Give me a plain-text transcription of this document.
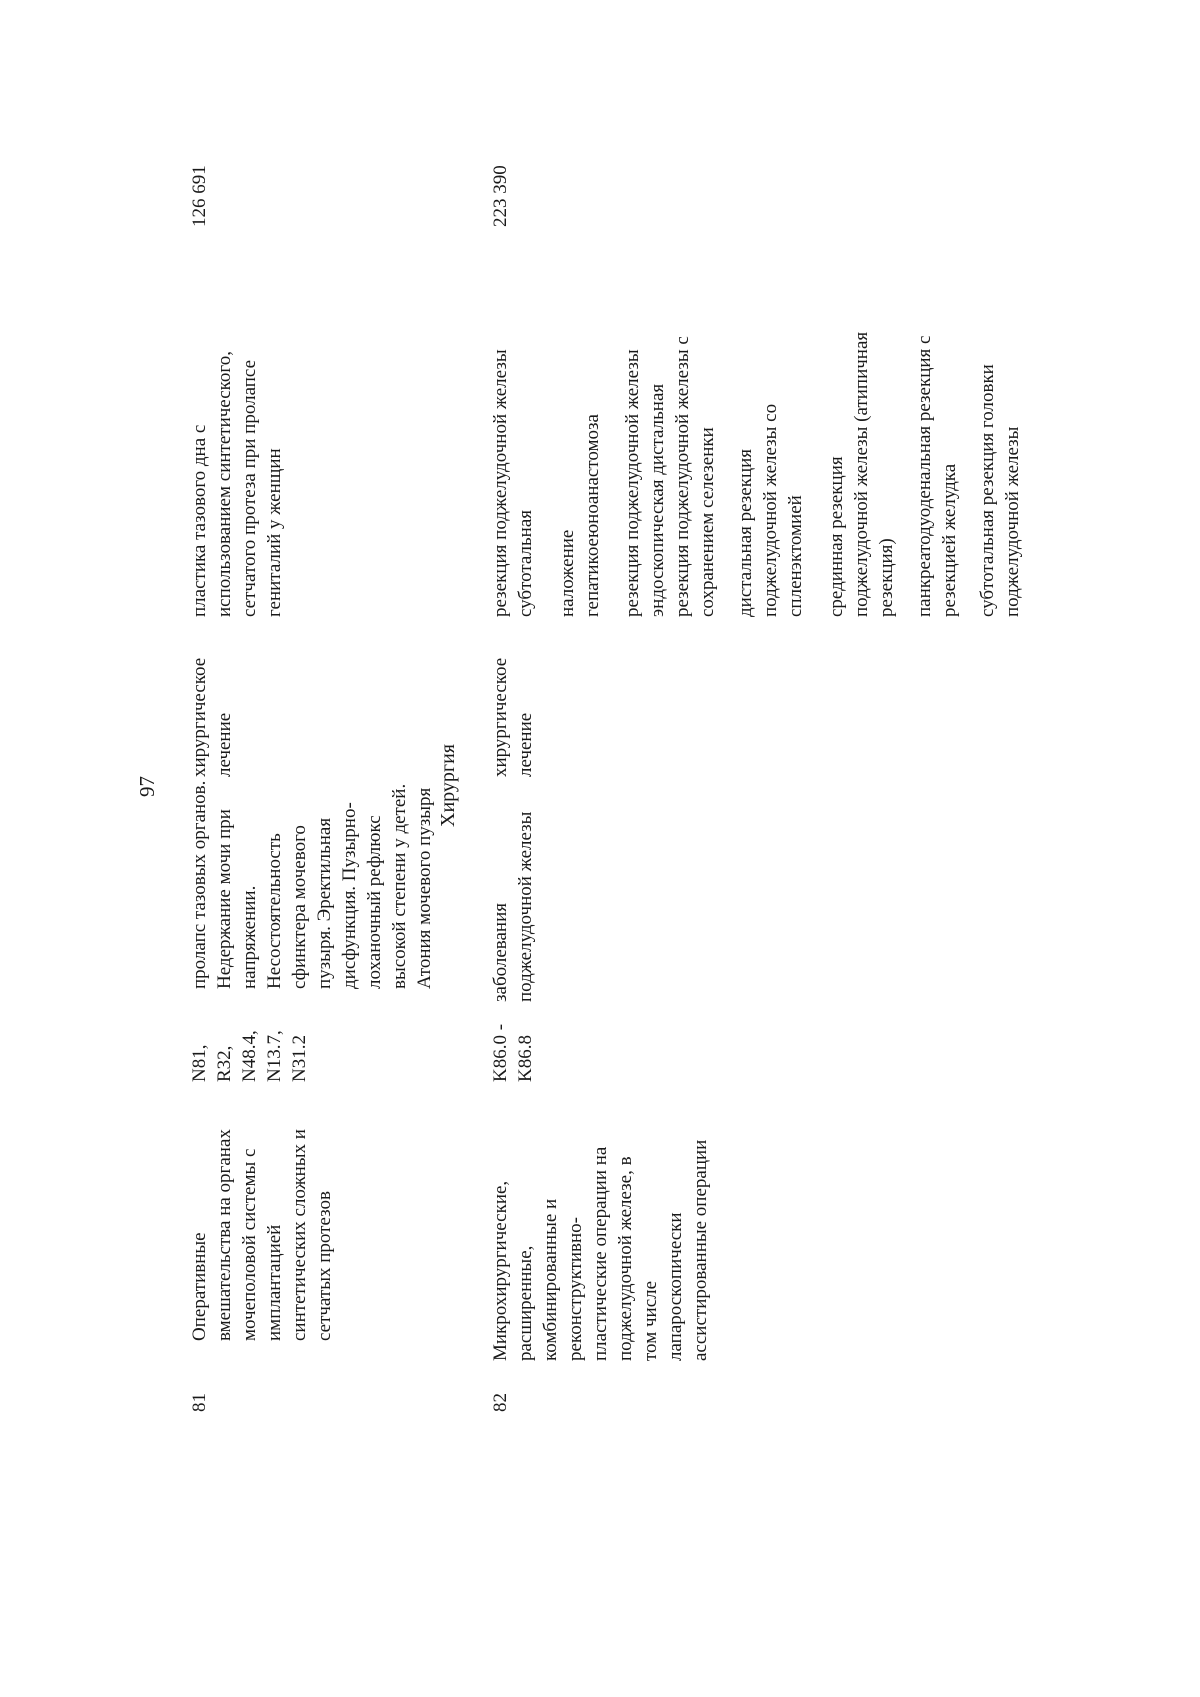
97
81
Оперативные вмешательства на органах мочеполовой системы с имплантацией синтетических сложных и сетчатых протезов
N81, R32, N48.4, N13.7, N31.2
пролапс тазовых органов. Недержание мочи при напряжении. Несостоятельность сфинктера мочевого пузыря. Эректильная дисфункция. Пузырно- лоханочный рефлюкс высокой степени у детей. Атония мочевого пузыря
хирургическое лечение
пластика тазового дна с использованием синтетического, сетчатого протеза при пролапсе гениталий у женщин
126 691
Хирургия
82
Микрохирургические, расширенные, комбинированные и реконструктивно- пластические операции на поджелудочной железе, в том числе лапароскопически ассистированные операции
K86.0 - K86.8
заболевания поджелудочной железы
хирургическое лечение
резекция поджелудочной железы субтотальная наложение гепатикоеюноанастомоза резекция поджелудочной железы эндоскопическая дистальная резекция поджелудочной железы с сохранением селезенки дистальная резекция поджелудочной железы со спленэктомией срединная резекция поджелудочной железы (атипичная резекция) панкреатодуоденальная резекция с резекцией желудка субтотальная резекция головки поджелудочной железы
223 390
